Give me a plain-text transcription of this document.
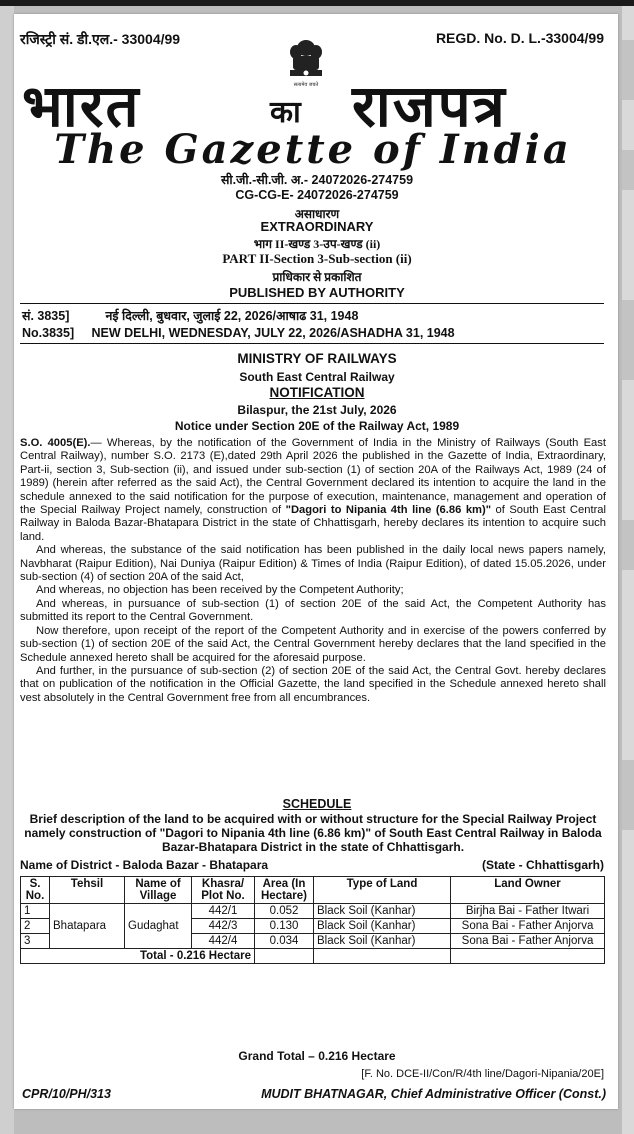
रजिस्ट्री सं. डी.एल.- 33004/99	REGD. No. D. L.-33004/99
भारत	का राजपत्र
सत्यमेव जयते
The Gazette of India
सी.जी.-सी.जी. अ.- 24072026-274759
CG-CG-E- 24072026-274759
असाधारण
EXTRAORDINARY
भाग II-खण्ड 3-उप-खण्ड (ii)
PART II-Section 3-Sub-section (ii)
प्राधिकार से प्रकाशित
PUBLISHED BY AUTHORITY
सं. 3835]	नई दिल्ली, बुधवार, जुलाई 22, 2026/आषाढ 31, 1948
No.3835] NEW DELHI, WEDNESDAY, JULY 22, 2026/ASHADHA 31, 1948
MINISTRY OF RAILWAYS
South East Central Railway
NOTIFICATION
Bilaspur, the 21st July, 2026
Notice under Section 20E of the Railway Act, 1989

S.O. 4005(E).— Whereas, by the notification of the Government of India in the Ministry of Railways (South East Central Railway), number S.O. 2173 (E),dated 29th April 2026 the published in the Gazette of India, Extraordinary, Part-ii, section 3, Sub-section (ii), and issued under sub-section (1) of section 20A of the Railways Act, 1989 (24 of 1989) (herein after referred as the said Act), the Central Government declared its intention to acquire the land in the schedule annexed to the said notification for the purpose of execution, maintenance, management and operation of the Special Railway Project namely, construction of "Dagori to Nipania 4th line (6.86 km)" of South East Central Railway in Baloda Bazar-Bhatapara District in the state of Chhattisgarh, hereby declares its intention to acquire such land.

And whereas, the substance of the said notification has been published in the daily local news papers namely, Navbharat (Raipur Edition), Nai Duniya (Raipur Edition) & Times of India (Raipur Edition), of dated 15.05.2026, under sub-section (4) of section 20A of the said Act,

And whereas, no objection has been received by the Competent Authority;

And whereas, in pursuance of sub-section (1) of section 20E of the said Act, the Competent Authority has submitted its report to the Central Government.

Now therefore, upon receipt of the report of the Competent Authority and in exercise of the powers conferred by sub-section (1) of section 20E of the said Act, the Central Government hereby declares that the land specified in the Schedule annexed hereto shall be acquired for the aforesaid purpose.

And further, in the pursuance of sub-section (2) of section 20E of the said Act, the Central Govt. hereby declares that on publication of the notification in the Official Gazette, the land specified in the Schedule annexed hereto shall vest absolutely in the Central Government free from all encumbrances.

SCHEDULE
Brief description of the land to be acquired with or without structure for the Special Railway Project namely construction of "Dagori to Nipania 4th line (6.86 km)" of South East Central Railway in Baloda Bazar-Bhatapara District in the state of Chhattisgarh.
Name of District - Baloda Bazar - Bhatapara	(State - Chhattisgarh)
S. No.	Tehsil	Name of Village	Khasra/ Plot No.	Area (In Hectare)	Type of Land	Land Owner
1	Bhatapara	Gudaghat	442/1	0.052	Black Soil (Kanhar)	Birjha Bai - Father Itwari
2			442/3	0.130	Black Soil (Kanhar)	Sona Bai - Father Anjorva
3			442/4	0.034	Black Soil (Kanhar)	Sona Bai - Father Anjorva
Total - 0.216 Hectare						
Grand Total – 0.216 Hectare
[F. No. DCE-II/Con/R/4th line/Dagori-Nipania/20E]
CPR/10/PH/313	MUDIT BHATNAGAR, Chief Administrative Officer (Const.)
